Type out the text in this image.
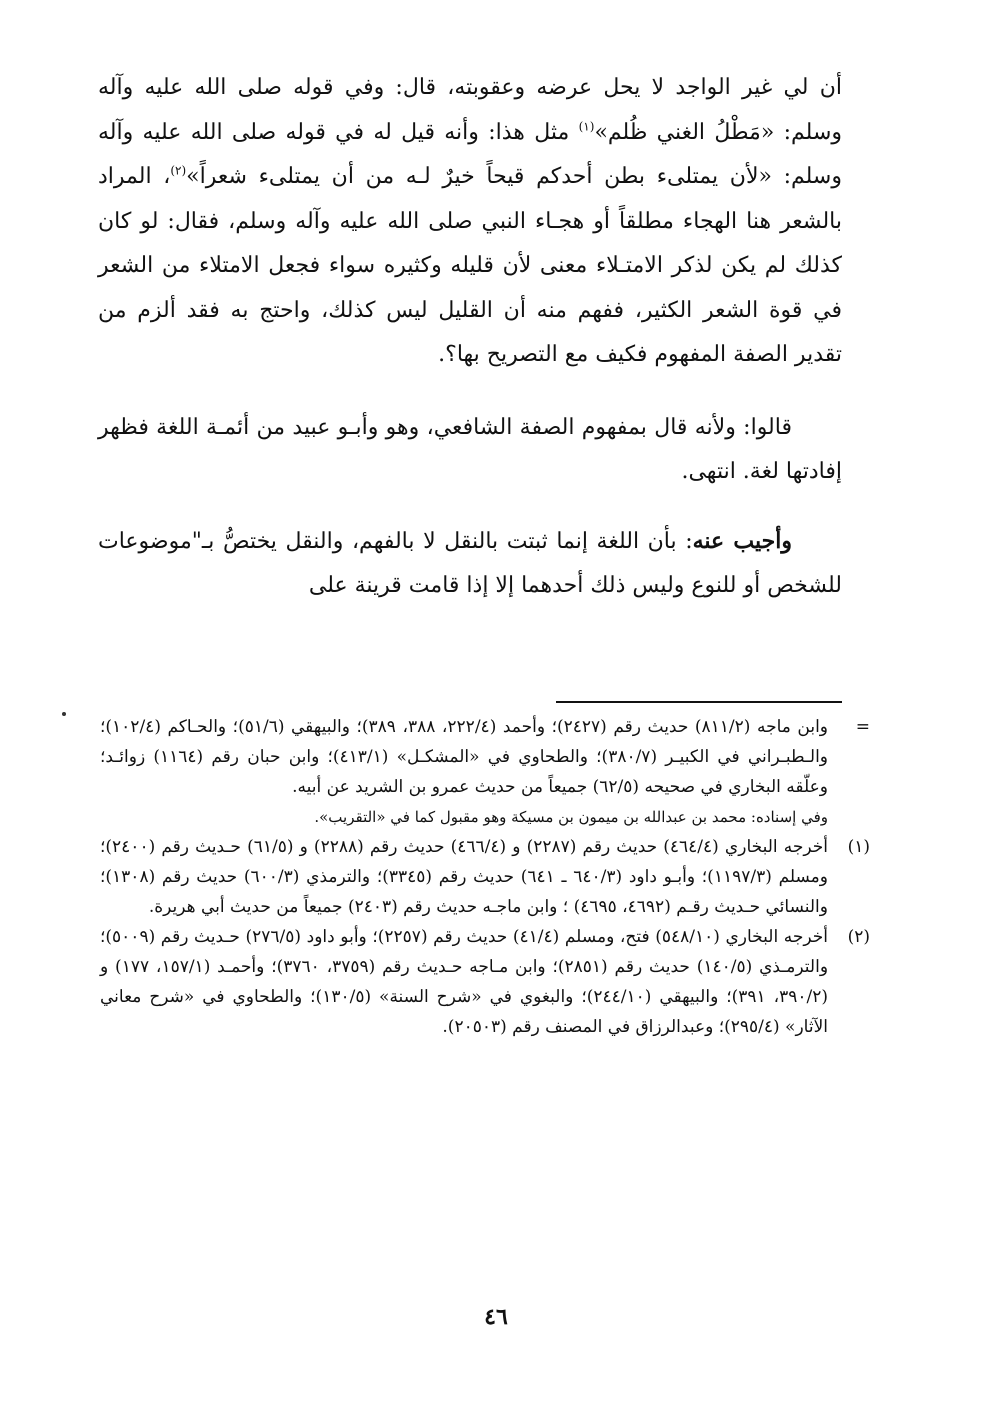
أن لي غير الواجد لا يحل عرضه وعقوبته، قال: وفي قوله صلى الله عليه وآله وسلم: «مَطْلُ الغني ظُلم»$^{(١)}$ مثل هذا: وأنه قيل له في قوله صلى الله عليه وآله وسلم: «لأن يمتلىء بطن أحدكم قيحاً خيرٌ لـه من أن يمتلىء شعراً»$^{(٢)}$، المراد بالشعر هنا الهجاء مطلقاً أو هجـاء النبي صلى الله عليه وآله وسلم، فقال: لو كان كذلك لم يكن لذكر الامتـلاء معنى لأن قليله وكثيره سواء فجعل الامتلاء من الشعر في قوة الشعر الكثير، ففهم منه أن القليل ليس كذلك، واحتج به فقد ألزم من تقدير الصفة المفهوم فكيف مع التصريح بها؟.

قالوا: ولأنه قال بمفهوم الصفة الشافعي، وهو وأبـو عبيد من أئمـة اللغة فظهر إفادتها لغة. انتهى.

وأجيب عنه: بأن اللغة إنما ثبتت بالنقل لا بالفهم، والنقل يختصُّ بـ"موضوعات للشخص أو للنوع وليس ذلك أحدهما إلا إذا قامت قرينة على

=
وابن ماجه (٨١١/٢) حديث رقم (٢٤٢٧)؛ وأحمد (٢٢٢/٤، ٣٨٨، ٣٨٩)؛ والبيهقي (٥١/٦)؛ والحـاكم (١٠٢/٤)؛ والـطبـراني في الكبيـر (٣٨٠/٧)؛ والطحاوي في «المشكـل» (٤١٣/١)؛ وابن حبان رقم (١١٦٤) زوائـد؛ وعلّقه البخاري في صحيحه (٦٢/٥) جميعاً من حديث عمرو بن الشريد عن أبيه.
وفي إسناده: محمد بن عبدالله بن ميمون بن مسيكة وهو مقبول كما في «التقريب».
(١)
أخرجه البخاري (٤٦٤/٤) حديث رقم (٢٢٨٧) و (٤٦٦/٤) حديث رقم (٢٢٨٨) و (٦١/٥) حـديث رقم (٢٤٠٠)؛ ومسلم (١١٩٧/٣)؛ وأبـو داود (٦٤٠/٣ ـ ٦٤١) حديث رقم (٣٣٤٥)؛ والترمذي (٦٠٠/٣) حديث رقم (١٣٠٨)؛ والنسائي حـديث رقـم (٤٦٩٢، ٤٦٩٥) ؛ وابن ماجـه حديث رقم (٢٤٠٣) جميعاً من حديث أبي هريرة.
(٢)
أخرجه البخاري (٥٤٨/١٠) فتح، ومسلم (٤١/٤) حديث رقم (٢٢٥٧)؛ وأبو داود (٢٧٦/٥) حـديث رقم (٥٠٠٩)؛ والترمـذي (١٤٠/٥) حديث رقم (٢٨٥١)؛ وابن مـاجه حـديث رقم (٣٧٥٩، ٣٧٦٠)؛ وأحمـد (١٥٧/١، ١٧٧) و (٣٩٠/٢، ٣٩١)؛ والبيهقي (٢٤٤/١٠)؛ والبغوي في «شرح السنة» (١٣٠/٥)؛ والطحاوي في «شرح معاني الآثار» (٢٩٥/٤)؛ وعبدالرزاق في المصنف رقم (٢٠٥٠٣).
٤٦
